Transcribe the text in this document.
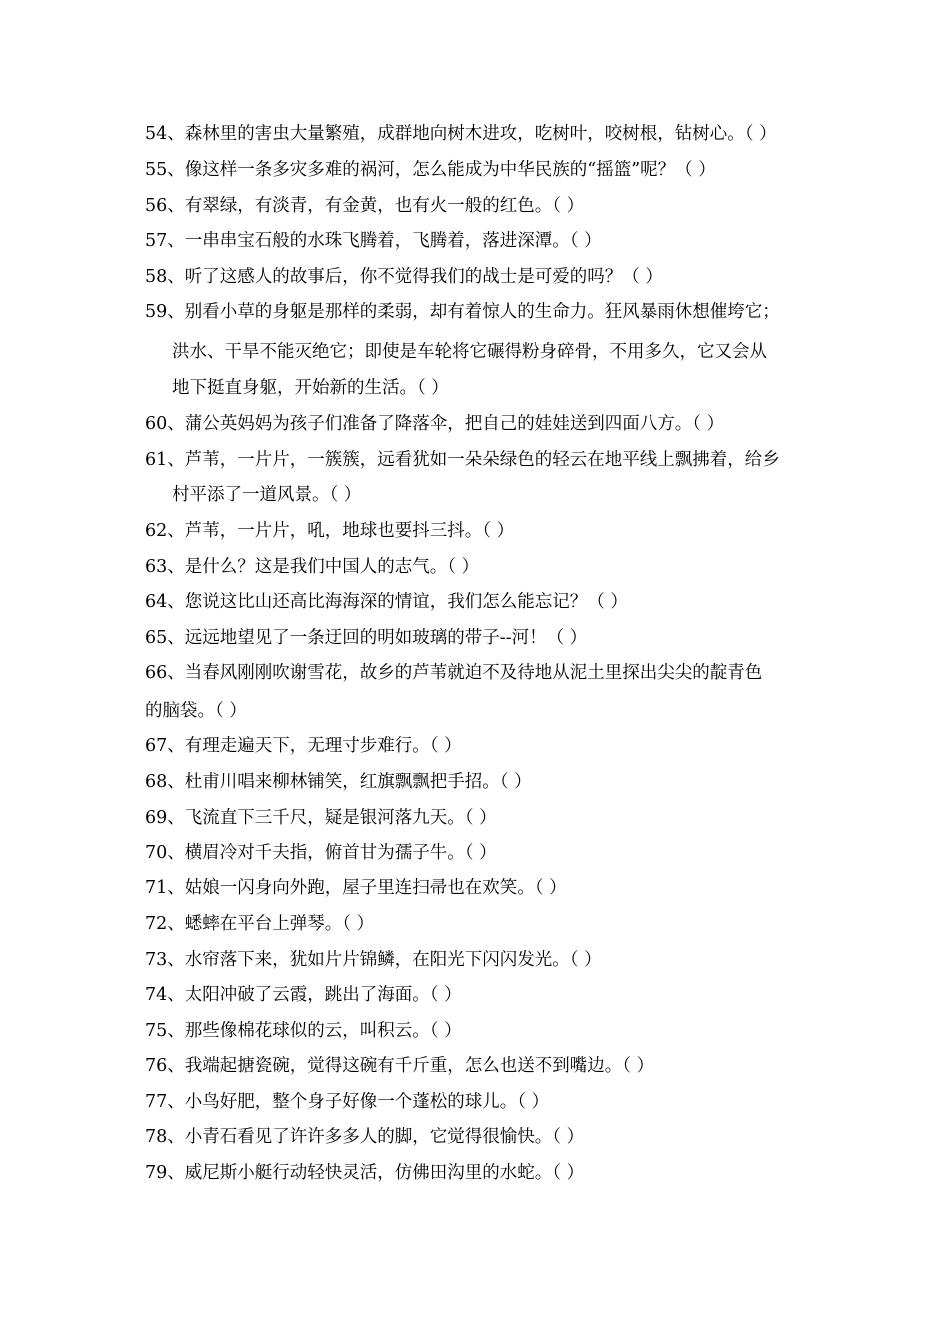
54、森林里的害虫大量繁殖，成群地向树木进攻，吃树叶，咬树根，钻树心。（ ）
55、像这样一条多灾多难的祸河，怎么能成为中华民族的“摇篮”呢？（ ）
56、有翠绿，有淡青，有金黄，也有火一般的红色。（ ）
57、一串串宝石般的水珠飞腾着，飞腾着，落进深潭。（ ）
58、听了这感人的故事后，你不觉得我们的战士是可爱的吗？（ ）
59、别看小草的身躯是那样的柔弱，却有着惊人的生命力。狂风暴雨休想催垮它；
洪水、干旱不能灭绝它；即使是车轮将它碾得粉身碎骨，不用多久，它又会从
地下挺直身躯，开始新的生活。（ ）
60、蒲公英妈妈为孩子们准备了降落伞，把自己的娃娃送到四面八方。（ ）
61、芦苇，一片片，一簇簇，远看犹如一朵朵绿色的轻云在地平线上飘拂着，给乡
村平添了一道风景。（ ）
62、芦苇，一片片，吼，地球也要抖三抖。（ ）
63、是什么？这是我们中国人的志气。（ ）
64、您说这比山还高比海海深的情谊，我们怎么能忘记？（ ）
65、远远地望见了一条迂回的明如玻璃的带子--河！（ ）
66、当春风刚刚吹谢雪花，故乡的芦苇就迫不及待地从泥土里探出尖尖的靛青色
的脑袋。（ ）
67、有理走遍天下，无理寸步难行。（ ）
68、杜甫川唱来柳林铺笑，红旗飘飘把手招。（ ）
69、飞流直下三千尺，疑是银河落九天。（ ）
70、横眉冷对千夫指，俯首甘为孺子牛。（ ）
71、姑娘一闪身向外跑，屋子里连扫帚也在欢笑。（ ）
72、蟋蟀在平台上弹琴。（ ）
73、水帘落下来，犹如片片锦鳞，在阳光下闪闪发光。（ ）
74、太阳冲破了云霞，跳出了海面。（ ）
75、那些像棉花球似的云，叫积云。（ ）
76、我端起搪瓷碗，觉得这碗有千斤重，怎么也送不到嘴边。（ ）
77、小鸟好肥，整个身子好像一个蓬松的球儿。（ ）
78、小青石看见了许许多多人的脚，它觉得很愉快。（ ）
79、威尼斯小艇行动轻快灵活，仿佛田沟里的水蛇。（ ）
